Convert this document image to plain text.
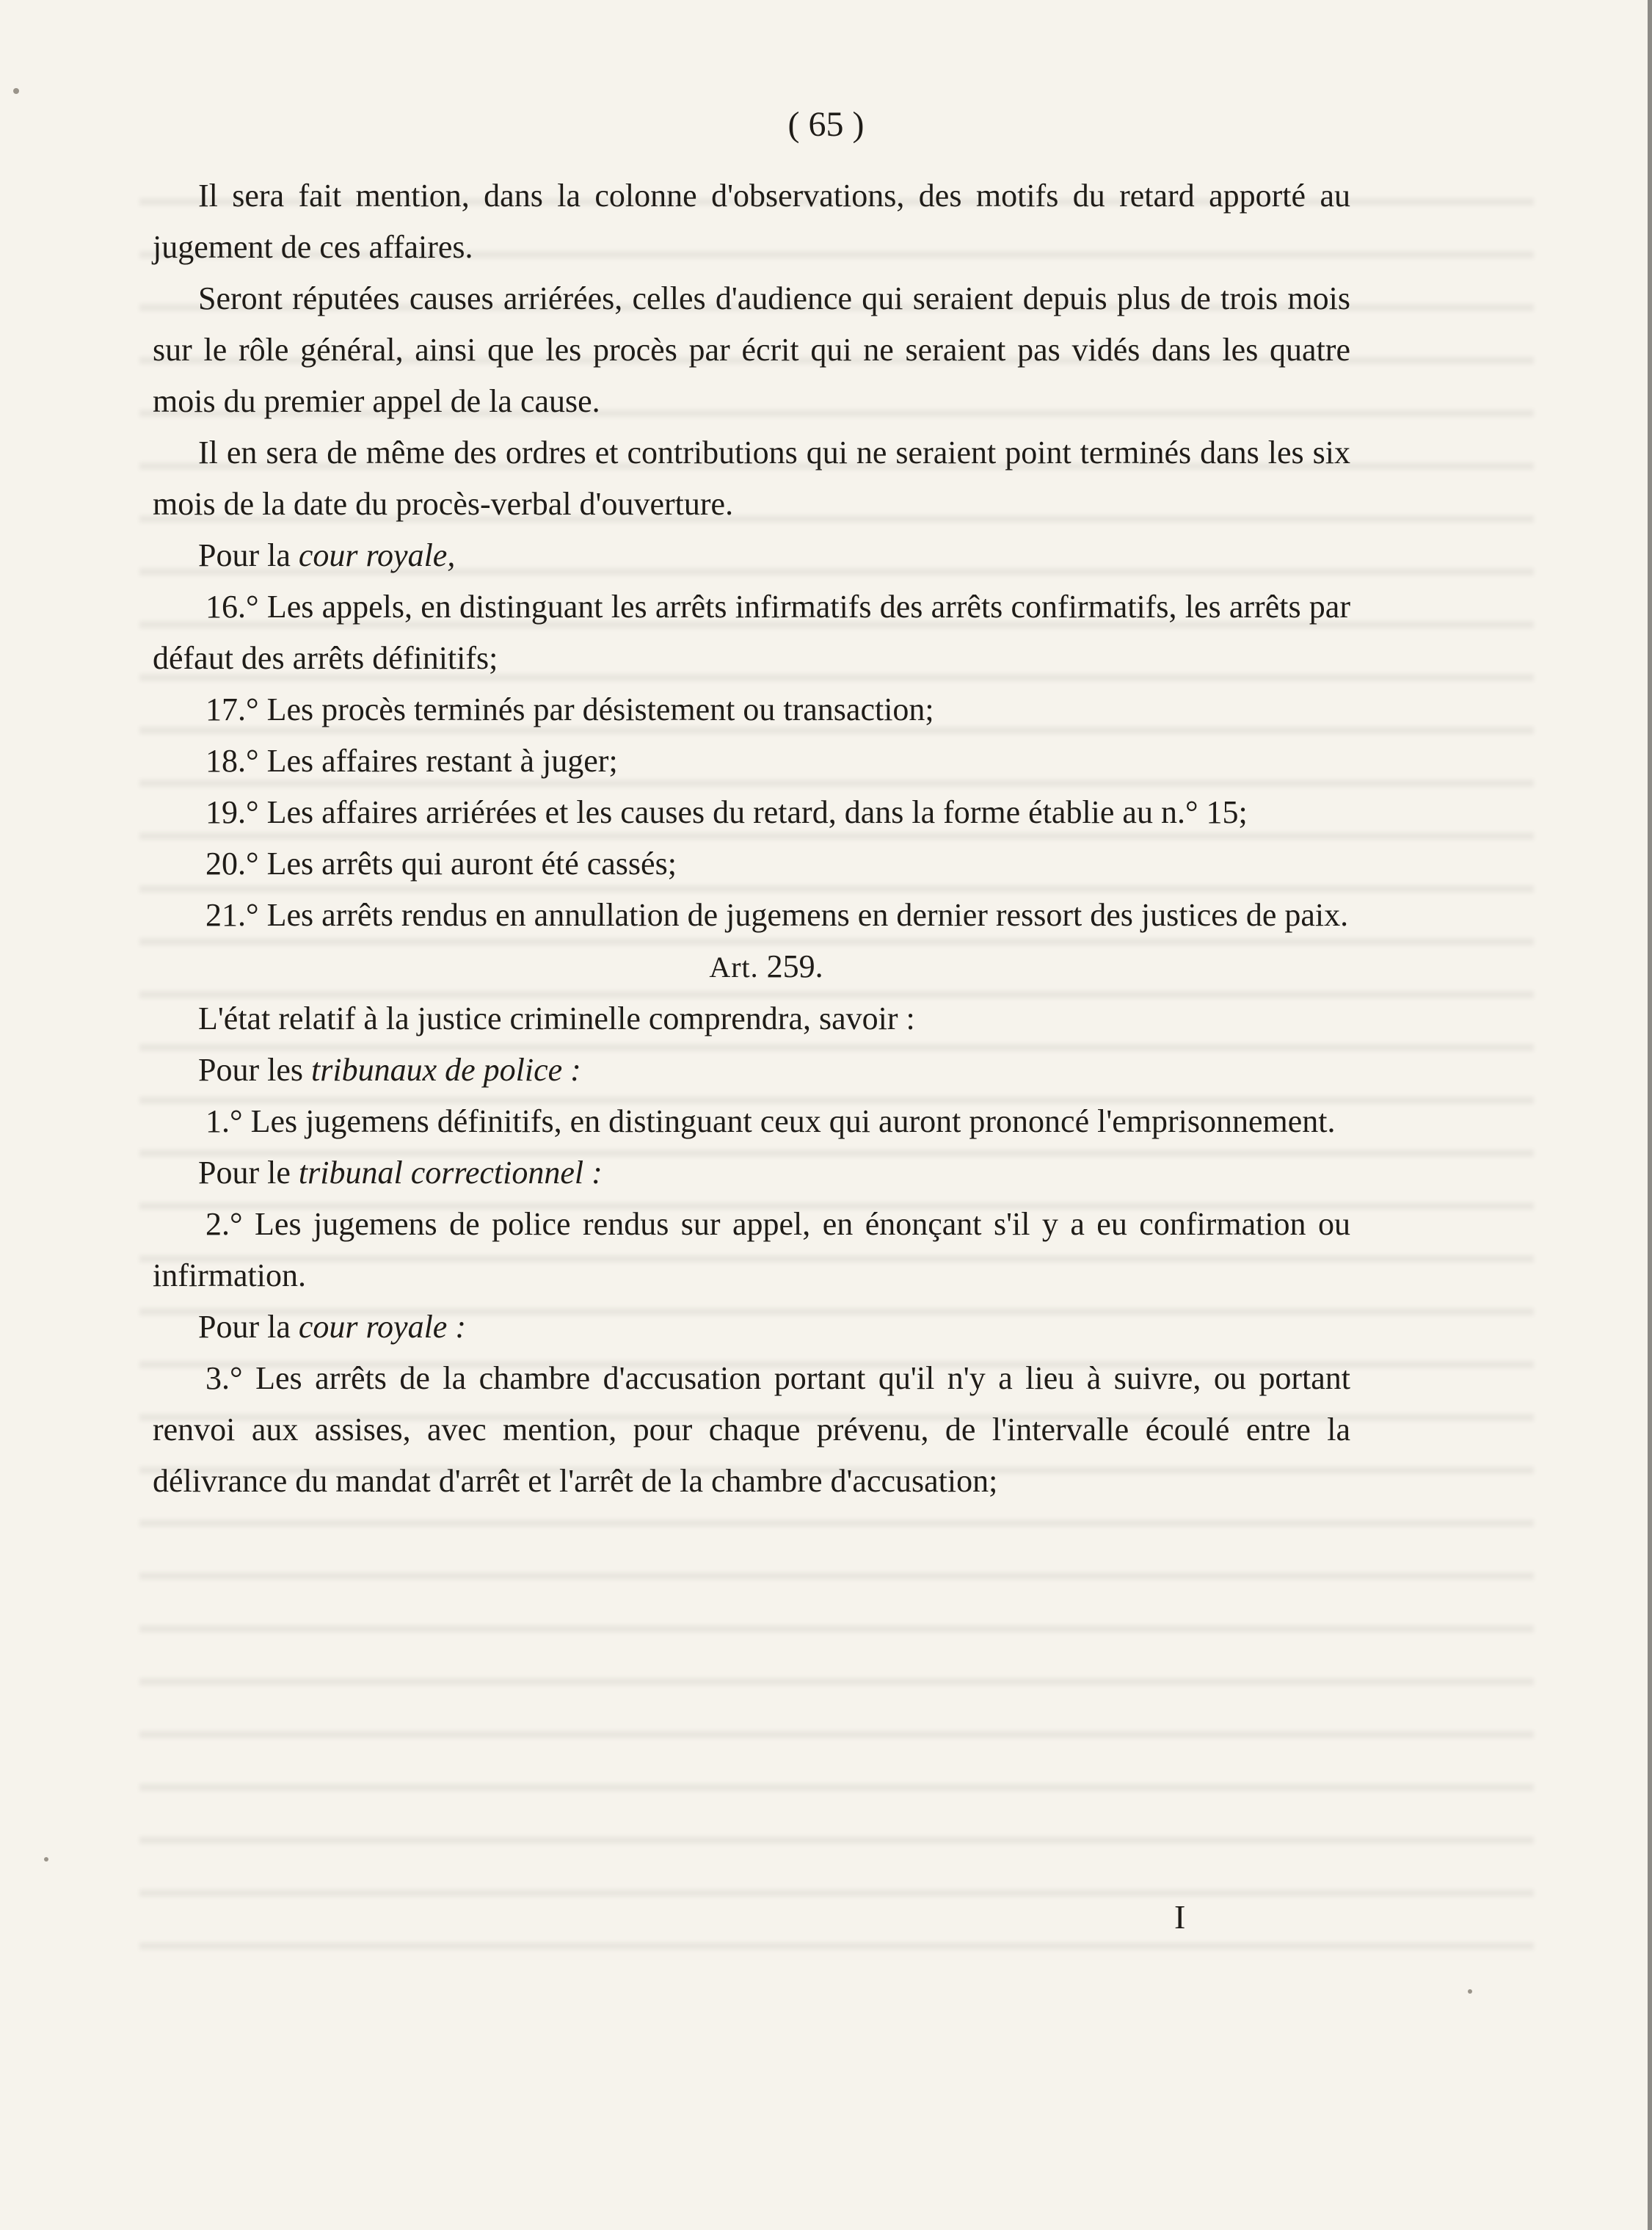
( 65 )

Il sera fait mention, dans la colonne d'observations, des motifs du retard apporté au jugement de ces affaires.

Seront réputées causes arriérées, celles d'audience qui seraient depuis plus de trois mois sur le rôle général, ainsi que les procès par écrit qui ne seraient pas vidés dans les quatre mois du premier appel de la cause.

Il en sera de même des ordres et contributions qui ne seraient point terminés dans les six mois de la date du procès-verbal d'ouverture.

Pour la cour royale,

16.° Les appels, en distinguant les arrêts infirmatifs des arrêts confirmatifs, les arrêts par défaut des arrêts définitifs;

17.° Les procès terminés par désistement ou transaction;

18.° Les affaires restant à juger;

19.° Les affaires arriérées et les causes du retard, dans la forme établie au n.° 15;

20.° Les arrêts qui auront été cassés;

21.° Les arrêts rendus en annullation de jugemens en dernier ressort des justices de paix.

Art. 259.

L'état relatif à la justice criminelle comprendra, savoir :

Pour les tribunaux de police :

1.° Les jugemens définitifs, en distinguant ceux qui auront prononcé l'emprisonnement.

Pour le tribunal correctionnel :

2.° Les jugemens de police rendus sur appel, en énonçant s'il y a eu confirmation ou infirmation.

Pour la cour royale :

3.° Les arrêts de la chambre d'accusation portant qu'il n'y a lieu à suivre, ou portant renvoi aux assises, avec mention, pour chaque prévenu, de l'intervalle écoulé entre la délivrance du mandat d'arrêt et l'arrêt de la chambre d'accusation;

I
